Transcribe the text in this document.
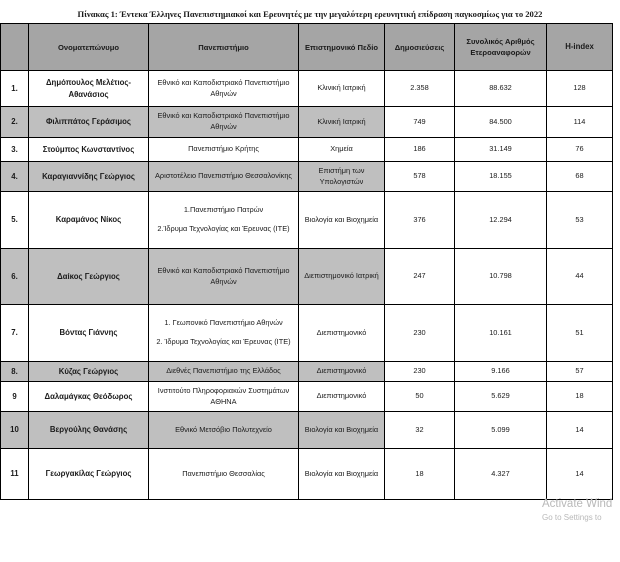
Πίνακας 1: Έντεκα Έλληνες Πανεπιστημιακοί και Ερευνητές με την μεγαλύτερη ερευνητική επίδραση παγκοσμίως για το 2022
	Ονοματεπώνυμο	Πανεπιστήμιο	Επιστημονικό Πεδίο	Δημοσιεύσεις	Συνολικός Αριθμός Ετεροαναφορών	H-index
1.	Δημόπουλος Μελέτιος-Αθανάσιος	Εθνικό και Καποδιστριακό Πανεπιστήμιο Αθηνών	Κλινική Ιατρική	2.358	88.632	128
2.	Φιλιππάτος Γεράσιμος	Εθνικό και Καποδιστριακό Πανεπιστήμιο Αθηνών	Κλινική Ιατρική	749	84.500	114
3.	Στούμπος Κωνσταντίνος	Πανεπιστήμιο Κρήτης	Χημεία	186	31.149	76
4.	Καραγιαννίδης Γεώργιος	Αριστοτέλειο Πανεπιστήμιο Θεσσαλονίκης	Επιστήμη των Υπολογιστών	578	18.155	68
5.	Καραμάνος Νίκος	1.Πανεπιστήμιο Πατρών
2.Ίδρυμα Τεχνολογίας και Έρευνας (ΙΤΕ)	Βιολογία και Βιοχημεία	376	12.294	53
6.	Δαίκος Γεώργιος	Εθνικό και Καποδιστριακό Πανεπιστήμιο Αθηνών	Διεπιστημονικό Ιατρική	247	10.798	44
7.	Βόντας Γιάννης	1. Γεωπονικό Πανεπιστήμιο Αθηνών
2. Ίδρυμα Τεχνολογίας και Έρευνας (ΙΤΕ)	Διεπιστημονικό	230	10.161	51
8.	Κύζας Γεώργιος	Διεθνές Πανεπιστήμιο της Ελλάδος	Διεπιστημονικό	230	9.166	57
9	Δαλαμάγκας Θεόδωρος	Ινστιτούτο Πληροφοριακών Συστημάτων ΑΘΗΝΑ	Διεπιστημονικό	50	5.629	18
10	Βεργούλης Θανάσης	Εθνικό Μετσόβιο Πολυτεχνείο	Βιολογία και Βιοχημεία	32	5.099	14
11	Γεωργακίλας Γεώργιος	Πανεπιστήμιο Θεσσαλίας	Βιολογία και Βιοχημεία	18	4.327	14
Activate Wind
Go to Settings to
